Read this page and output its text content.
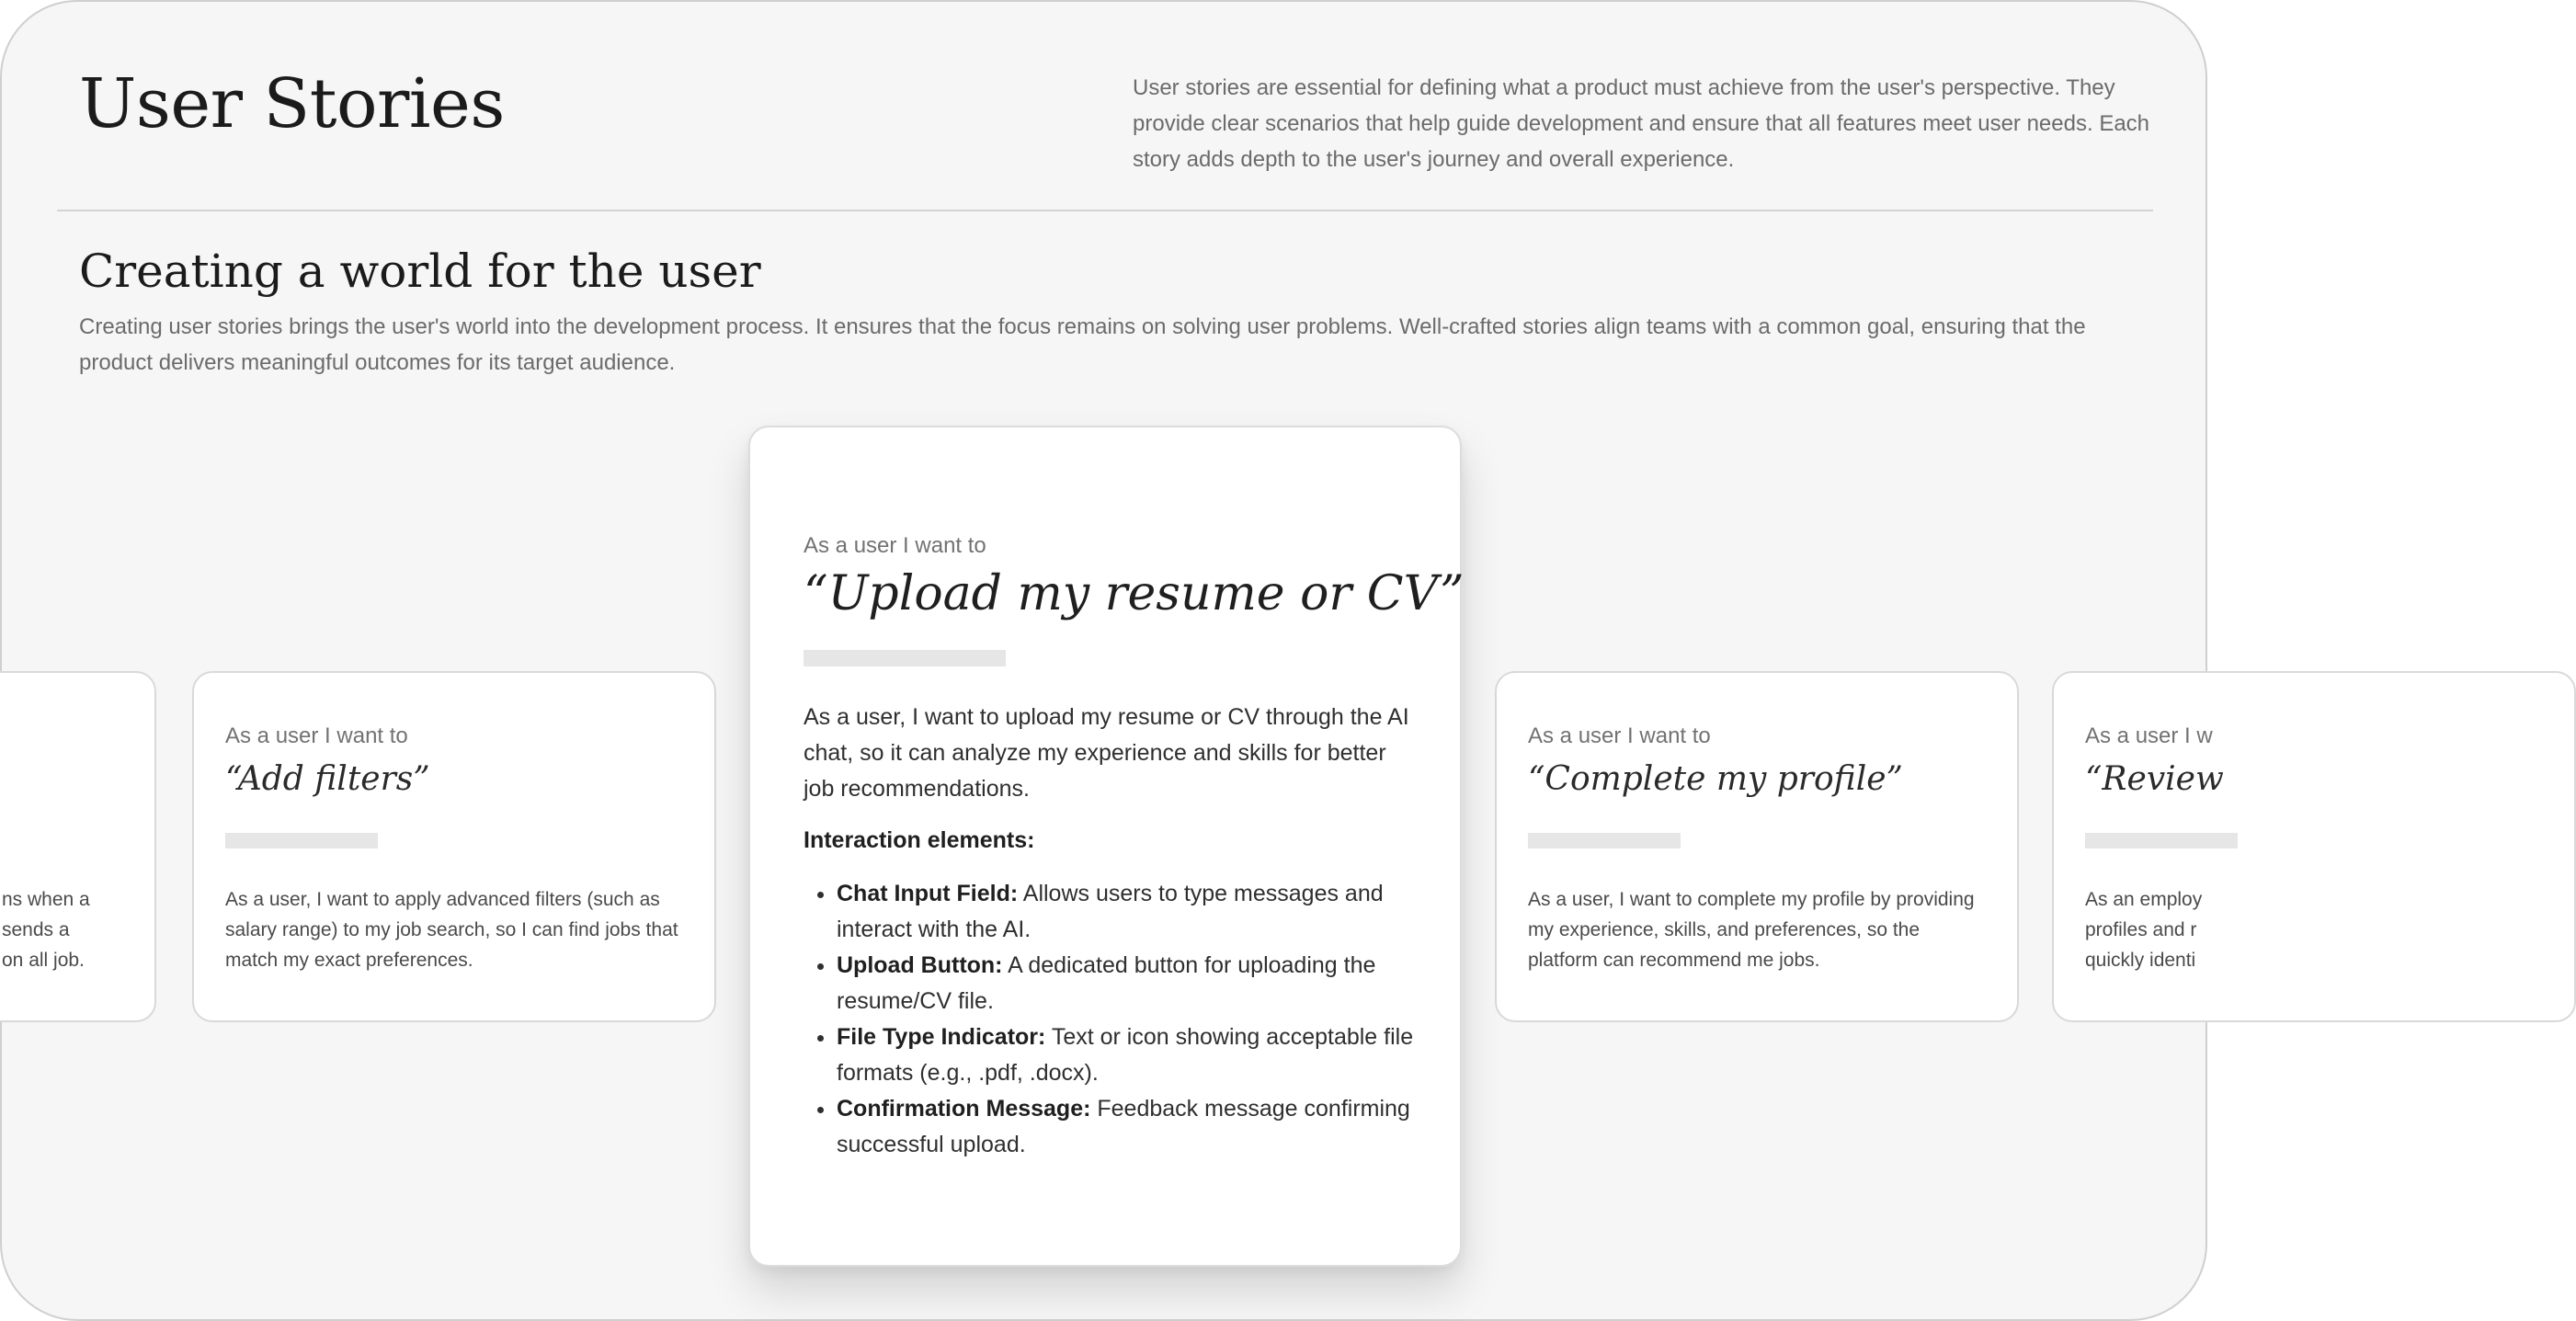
User Stories	User stories are essential for defining what a product must achieve from the user's perspective. They provide clear scenarios that help guide development and ensure that all features meet user needs. Each story adds depth to the user's journey and overall experience.

Creating a world for the user

Creating user stories brings the user's world into the development process. It ensures that the focus remains on solving user problems. Well-crafted stories align teams with a common goal, ensuring that the product delivers meaningful outcomes for its target audience.

ns when a
sends a
on all job.
As a user I want to
“Add filters”
As a user, I want to apply advanced filters (such as salary range) to my job search, so I can find jobs that match my exact preferences.
As a user I want to
“Upload my resume or CV”

As a user, I want to upload my resume or CV through the AI chat, so it can analyze my experience and skills for better job recommendations.

Interaction elements:

• Chat Input Field: Allows users to type messages and interact with the AI.
• Upload Button: A dedicated button for uploading the resume/CV file.
• File Type Indicator: Text or icon showing acceptable file formats (e.g., .pdf, .docx).
• Confirmation Message: Feedback message confirming successful upload.
As a user I want to
“Complete my profile”
As a user, I want to complete my profile by providing my experience, skills, and preferences, so the platform can recommend me jobs.
As a user I w
“Review
As an employ
profiles and r
quickly identi
